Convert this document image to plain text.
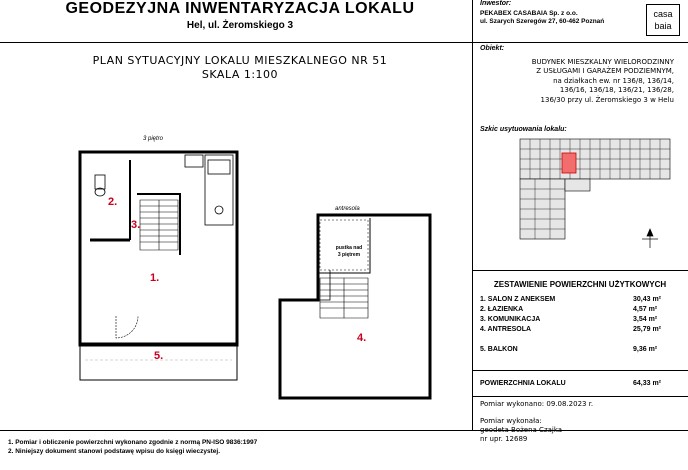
GEODEZYJNA INWENTARYZACJA LOKALU
Hel, ul. Żeromskiego 3
Inwestor:
PEKABEX CASABAIA Sp. z o.o.
ul. Szarych Szeregów 27, 60-462 Poznań
casa
baia
Obiekt:
BUDYNEK MIESZKALNY WIELORODZINNY
Z USŁUGAMI I GARAŻEM PODZIEMNYM,
na działkach ew. nr 136/8, 136/14,
136/16, 136/18, 136/21, 136/28,
136/30 przy ul. Żeromskiego 3 w Helu
Szkic usytuowania lokalu:
ZESTAWIENIE POWIERZCHNI UŻYTKOWYCH
1. SALON Z ANEKSEM	30,43 m²
2. ŁAZIENKA	4,57 m²
3. KOMUNIKACJA	3,54 m²
4. ANTRESOLA	25,79 m²
5. BALKON	9,36 m²
POWIERZCHNIA LOKALU	64,33 m²
Pomiar wykonano: 09.08.2023 r.
Pomiar wykonała:
geodeta Bożena Czajka
nr upr. 12689
1. Pomiar i obliczenie powierzchni wykonano zgodnie z normą PN-ISO 9836:1997
2. Niniejszy dokument stanowi podstawę wpisu do księgi wieczystej.
PLAN SYTUACYJNY LOKALU MIESZKALNEGO NR 51
SKALA 1:100
3 piętro
antresola
pustka nad
3 piętrem
1.
2.
3.
4.
5.
